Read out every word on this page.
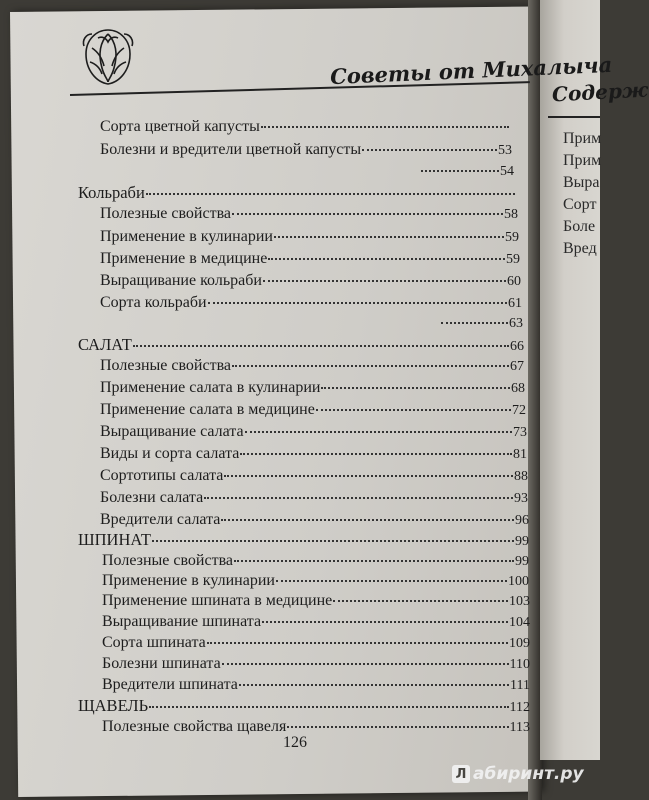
Советы от Михалыча
Сорта цветной капусты
Болезни и вредители цветной капусты	53
54
Кольраби
Полезные свойства	58
Применение в кулинарии	59
Применение в медицине	59
Выращивание кольраби	60
Сорта кольраби	61
63
САЛАТ	66
Полезные свойства	67
Применение салата в кулинарии	68
Применение салата в медицине	72
Выращивание салата	73
Виды и сорта салата	81
Сортотипы салата	88
Болезни салата	93
Вредители салата	96
ШПИНАТ	99
Полезные свойства	99
Применение в кулинарии	100
Применение шпината в медицине	103
Выращивание шпината	104
Сорта шпината	109
Болезни шпината	110
Вредители шпината	111
ЩАВЕЛЬ	112
Полезные свойства щавеля	113
126
Содерж
Прим
Прим
Выра
Сорт
Боле
Вред
Л абиринт.ру
